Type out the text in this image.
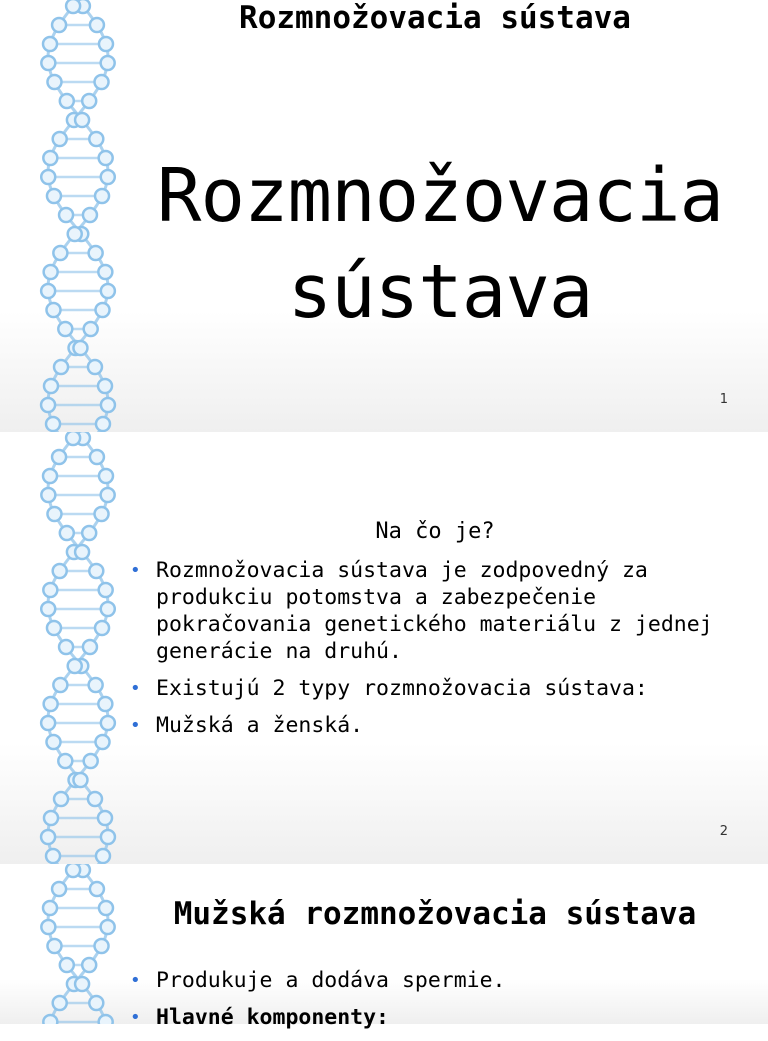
Rozmnožovacia
sústava
1
2
Rozmnožovacia sústava
Na čo je?
• Rozmnožovacia sústava je zodpovedný za produkciu potomstva a zabezpečenie pokračovania genetického materiálu z jednej generácie na druhú.
• Existujú 2 typy rozmnožovacia sústava:
• Mužská a ženská.
Mužská rozmnožovacia sústava
• Produkuje a dodáva spermie.
• Hlavné komponenty:
